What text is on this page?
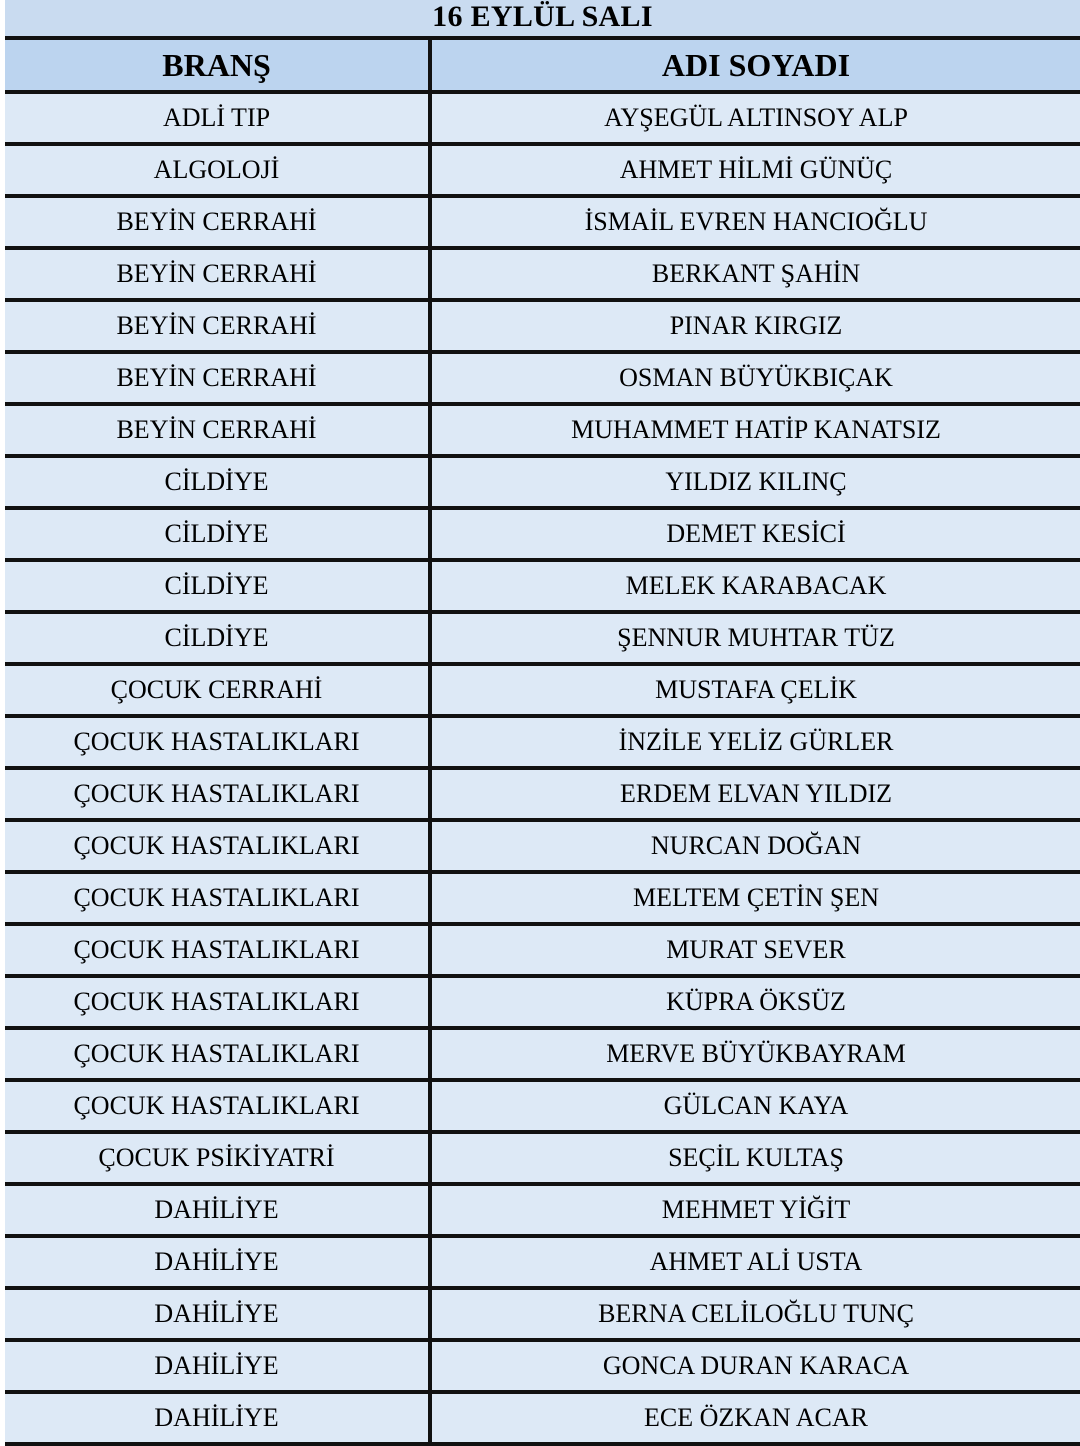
16 EYLÜL SALI
BRANŞ	ADI SOYADI
ADLİ TIP	AYŞEGÜL ALTINSOY ALP
ALGOLOJİ	AHMET HİLMİ GÜNÜÇ
BEYİN CERRAHİ	İSMAİL EVREN HANCIOĞLU
BEYİN CERRAHİ	BERKANT ŞAHİN
BEYİN CERRAHİ	PINAR KIRGIZ
BEYİN CERRAHİ	OSMAN BÜYÜKBIÇAK
BEYİN CERRAHİ	MUHAMMET HATİP KANATSIZ
CİLDİYE	YILDIZ KILINÇ
CİLDİYE	DEMET KESİCİ
CİLDİYE	MELEK KARABACAK
CİLDİYE	ŞENNUR MUHTAR TÜZ
ÇOCUK CERRAHİ	MUSTAFA ÇELİK
ÇOCUK HASTALIKLARI	İNZİLE YELİZ GÜRLER
ÇOCUK HASTALIKLARI	ERDEM ELVAN YILDIZ
ÇOCUK HASTALIKLARI	NURCAN DOĞAN
ÇOCUK HASTALIKLARI	MELTEM ÇETİN ŞEN
ÇOCUK HASTALIKLARI	MURAT SEVER
ÇOCUK HASTALIKLARI	KÜPRA ÖKSÜZ
ÇOCUK HASTALIKLARI	MERVE BÜYÜKBAYRAM
ÇOCUK HASTALIKLARI	GÜLCAN KAYA
ÇOCUK PSİKİYATRİ	SEÇİL KULTAŞ
DAHİLİYE	MEHMET YİĞİT
DAHİLİYE	AHMET ALİ USTA
DAHİLİYE	BERNA CELİLOĞLU TUNÇ
DAHİLİYE	GONCA DURAN KARACA
DAHİLİYE	ECE ÖZKAN ACAR
